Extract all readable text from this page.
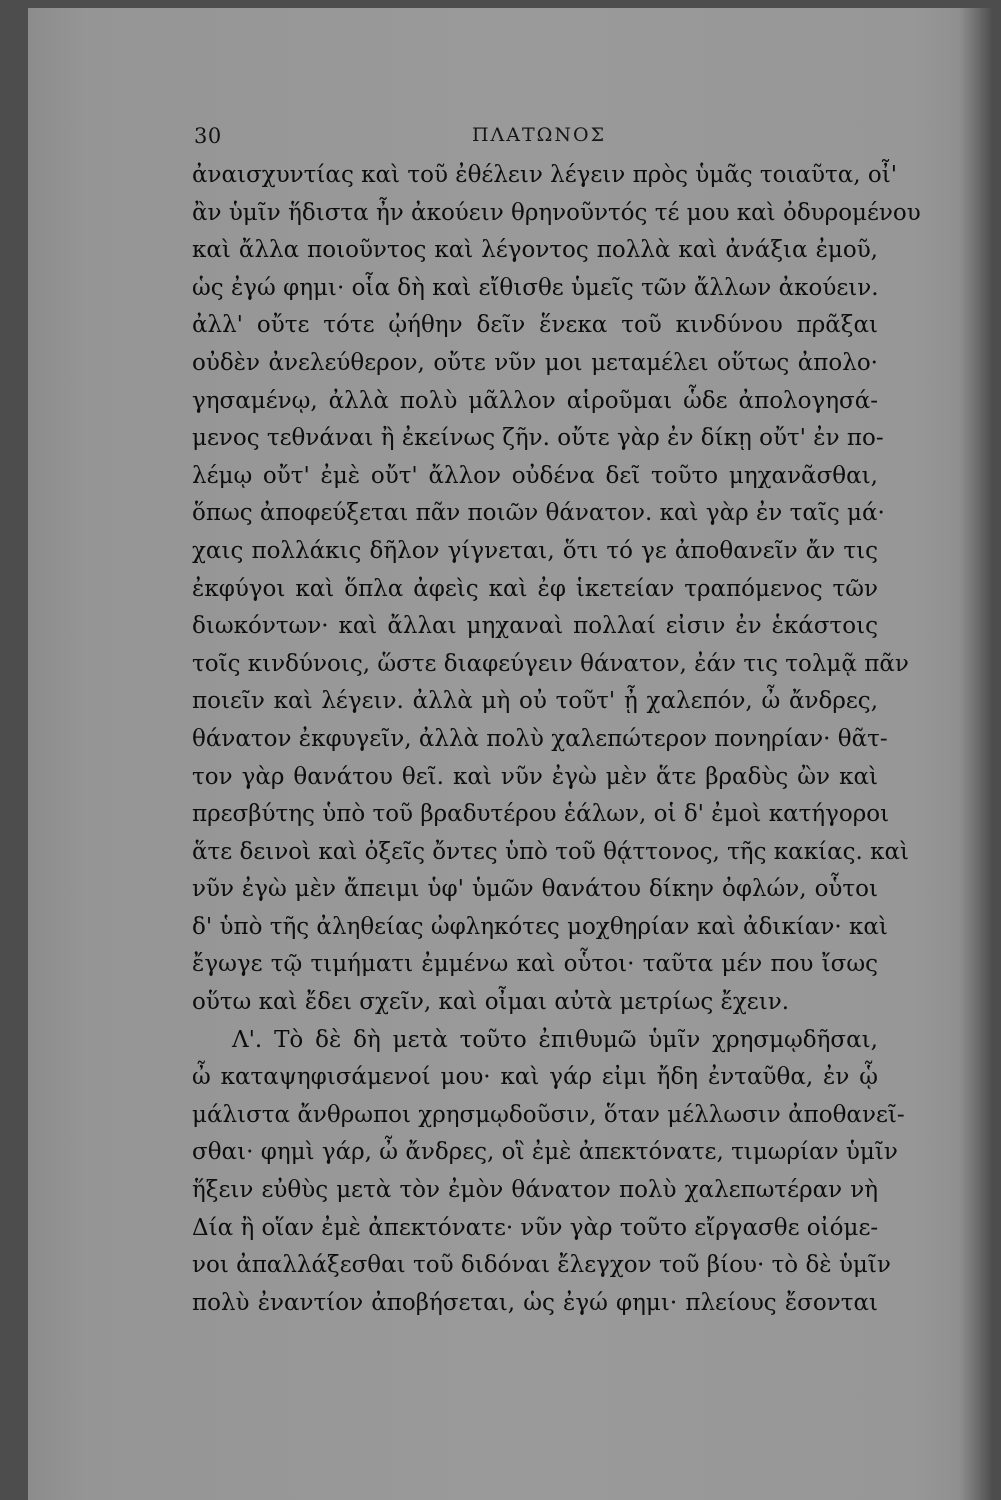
30	ΠΛΑΤΩΝΟΣ
ἀναισχυντίας καὶ τοῦ ἐθέλειν λέγειν πρὸς ὑμᾶς τοιαῦτα, οἶ'
ἂν ὑμῖν ἥδιστα ἦν ἀκούειν θρηνοῦντός τέ μου καὶ ὀδυρομένου
καὶ ἄλλα ποιοῦντος καὶ λέγοντος πολλὰ καὶ ἀνάξια ἐμοῦ,
ὡς ἐγώ φημι· οἷα δὴ καὶ εἴθισθε ὑμεῖς τῶν ἄλλων ἀκούειν.
ἀλλ' οὔτε τότε ᾠήθην δεῖν ἕνεκα τοῦ κινδύνου πρᾶξαι
οὐδὲν ἀνελεύθερον, οὔτε νῦν μοι μεταμέλει οὕτως ἀπολο·
γησαμένῳ, ἀλλὰ πολὺ μᾶλλον αἱροῦμαι ὧδε ἀπολογησά-
μενος τεθνάναι ἢ ἐκείνως ζῆν. οὔτε γὰρ ἐν δίκῃ οὔτ' ἐν πο-
λέμῳ οὔτ' ἐμὲ οὔτ' ἄλλον οὐδένα δεῖ τοῦτο μηχανᾶσθαι,
ὅπως ἀποφεύξεται πᾶν ποιῶν θάνατον. καὶ γὰρ ἐν ταῖς μά·
χαις πολλάκις δῆλον γίγνεται, ὅτι τό γε ἀποθανεῖν ἄν τις
ἐκφύγοι καὶ ὅπλα ἀφεὶς καὶ ἐφ ἱκετείαν τραπόμενος τῶν
διωκόντων· καὶ ἄλλαι μηχαναὶ πολλαί εἰσιν ἐν ἑκάστοις
τοῖς κινδύνοις, ὥστε διαφεύγειν θάνατον, ἐάν τις τολμᾷ πᾶν
ποιεῖν καὶ λέγειν. ἀλλὰ μὴ οὐ τοῦτ' ᾖ χαλεπόν, ὦ ἄνδρες,
θάνατον ἐκφυγεῖν, ἀλλὰ πολὺ χαλεπώτερον πονηρίαν· θᾶτ-
τον γὰρ θανάτου θεῖ. καὶ νῦν ἐγὼ μὲν ἅτε βραδὺς ὢν καὶ
πρεσβύτης ὑπὸ τοῦ βραδυτέρου ἑάλων, οἱ δ' ἐμοὶ κατήγοροι
ἅτε δεινοὶ καὶ ὀξεῖς ὄντες ὑπὸ τοῦ θᾴττονος, τῆς κακίας. καὶ
νῦν ἐγὼ μὲν ἄπειμι ὑφ' ὑμῶν θανάτου δίκην ὀφλών, οὗτοι
δ' ὑπὸ τῆς ἀληθείας ὠφληκότες μοχθηρίαν καὶ ἀδικίαν· καὶ
ἔγωγε τῷ τιμήματι ἐμμένω καὶ οὗτοι· ταῦτα μέν που ἴσως
οὕτω καὶ ἔδει σχεῖν, καὶ οἶμαι αὐτὰ μετρίως ἔχειν.
Λ'. Τὸ δὲ δὴ μετὰ τοῦτο ἐπιθυμῶ ὑμῖν χρησμῳδῆσαι,
ὦ καταψηφισάμενοί μου· καὶ γάρ εἰμι ἤδη ἐνταῦθα, ἐν ᾧ
μάλιστα ἄνθρωποι χρησμῳδοῦσιν, ὅταν μέλλωσιν ἀποθανεῖ-
σθαι· φημὶ γάρ, ὦ ἄνδρες, οἳ ἐμὲ ἀπεκτόνατε, τιμωρίαν ὑμῖν
ἥξειν εὐθὺς μετὰ τὸν ἐμὸν θάνατον πολὺ χαλεπωτέραν νὴ
Δία ἢ οἵαν ἐμὲ ἀπεκτόνατε· νῦν γὰρ τοῦτο εἴργασθε οἰόμε-
νοι ἀπαλλάξεσθαι τοῦ διδόναι ἔλεγχον τοῦ βίου· τὸ δὲ ὑμῖν
πολὺ ἐναντίον ἀποβήσεται, ὡς ἐγώ φημι· πλείους ἔσονται
